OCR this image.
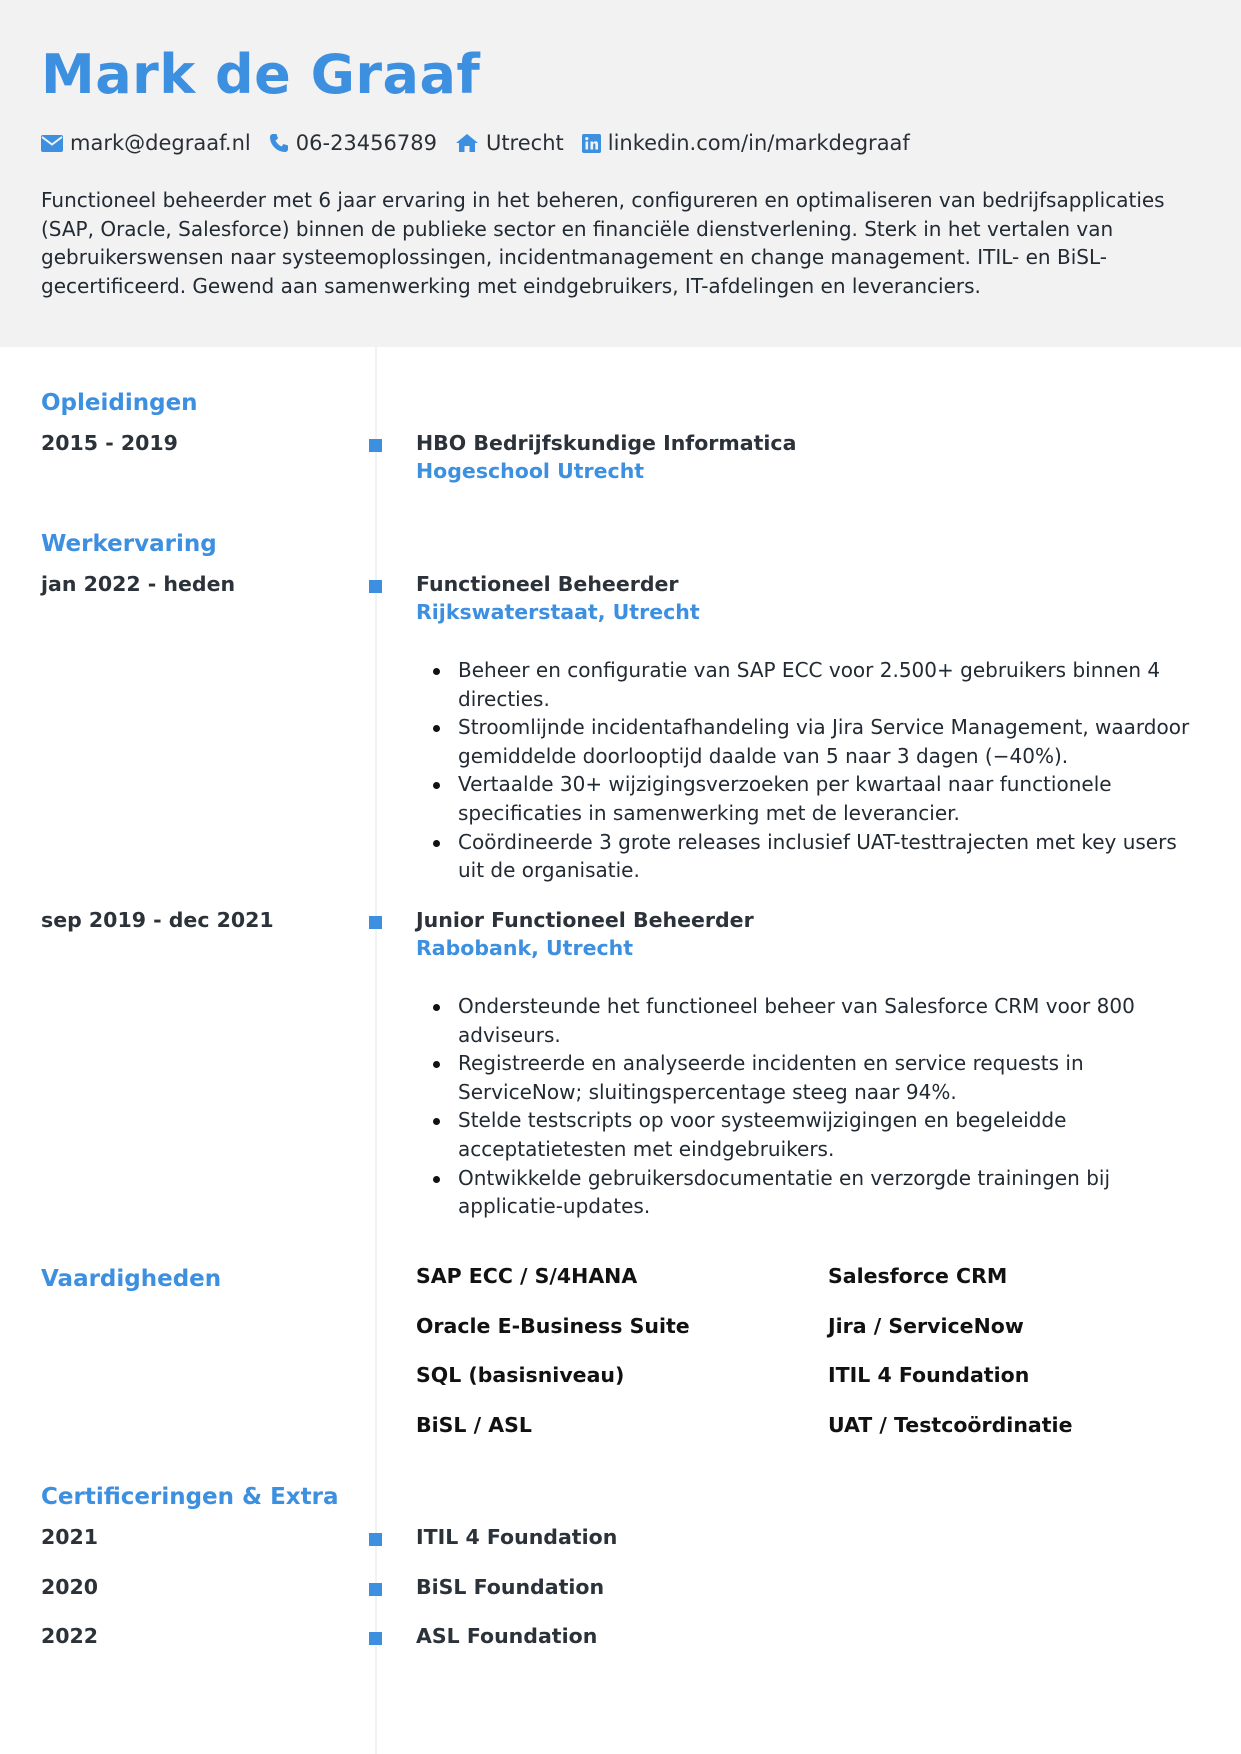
Mark de Graaf
mark@degraaf.nl 06-23456789 Utrecht linkedin.com/in/markdegraaf

Functioneel beheerder met 6 jaar ervaring in het beheren, configureren en optimaliseren van bedrijfsapplicaties (SAP, Oracle, Salesforce) binnen de publieke sector en financiële dienstverlening. Sterk in het vertalen van gebruikerswensen naar systeemoplossingen, incidentmanagement en change management. ITIL- en BiSL-gecertificeerd. Gewend aan samenwerking met eindgebruikers, IT-afdelingen en leveranciers.

Opleidingen
2015 - 2019	HBO Bedrijfskundige Informatica
Hogeschool Utrecht
Werkervaring
jan 2022 - heden	Functioneel Beheerder
Rijkswaterstaat, Utrecht
Beheer en configuratie van SAP ECC voor 2.500+ gebruikers binnen 4 directies.
Stroomlijnde incidentafhandeling via Jira Service Management, waardoor gemiddelde doorlooptijd daalde van 5 naar 3 dagen (−40%).
Vertaalde 30+ wijzigingsverzoeken per kwartaal naar functionele specificaties in samenwerking met de leverancier.
Coördineerde 3 grote releases inclusief UAT-testtrajecten met key users uit de organisatie.
sep 2019 - dec 2021	Junior Functioneel Beheerder
Rabobank, Utrecht
Ondersteunde het functioneel beheer van Salesforce CRM voor 800 adviseurs.
Registreerde en analyseerde incidenten en service requests in ServiceNow; sluitingspercentage steeg naar 94%.
Stelde testscripts op voor systeemwijzigingen en begeleidde acceptatietesten met eindgebruikers.
Ontwikkelde gebruikersdocumentatie en verzorgde trainingen bij applicatie-updates.
Vaardigheden	SAP ECC / S/4HANA	Salesforce CRM
Oracle E-Business Suite	Jira / ServiceNow
SQL (basisniveau)	ITIL 4 Foundation
BiSL / ASL	UAT / Testcoördinatie
Certificeringen & Extra
2021	ITIL 4 Foundation
2020	BiSL Foundation
2022	ASL Foundation
